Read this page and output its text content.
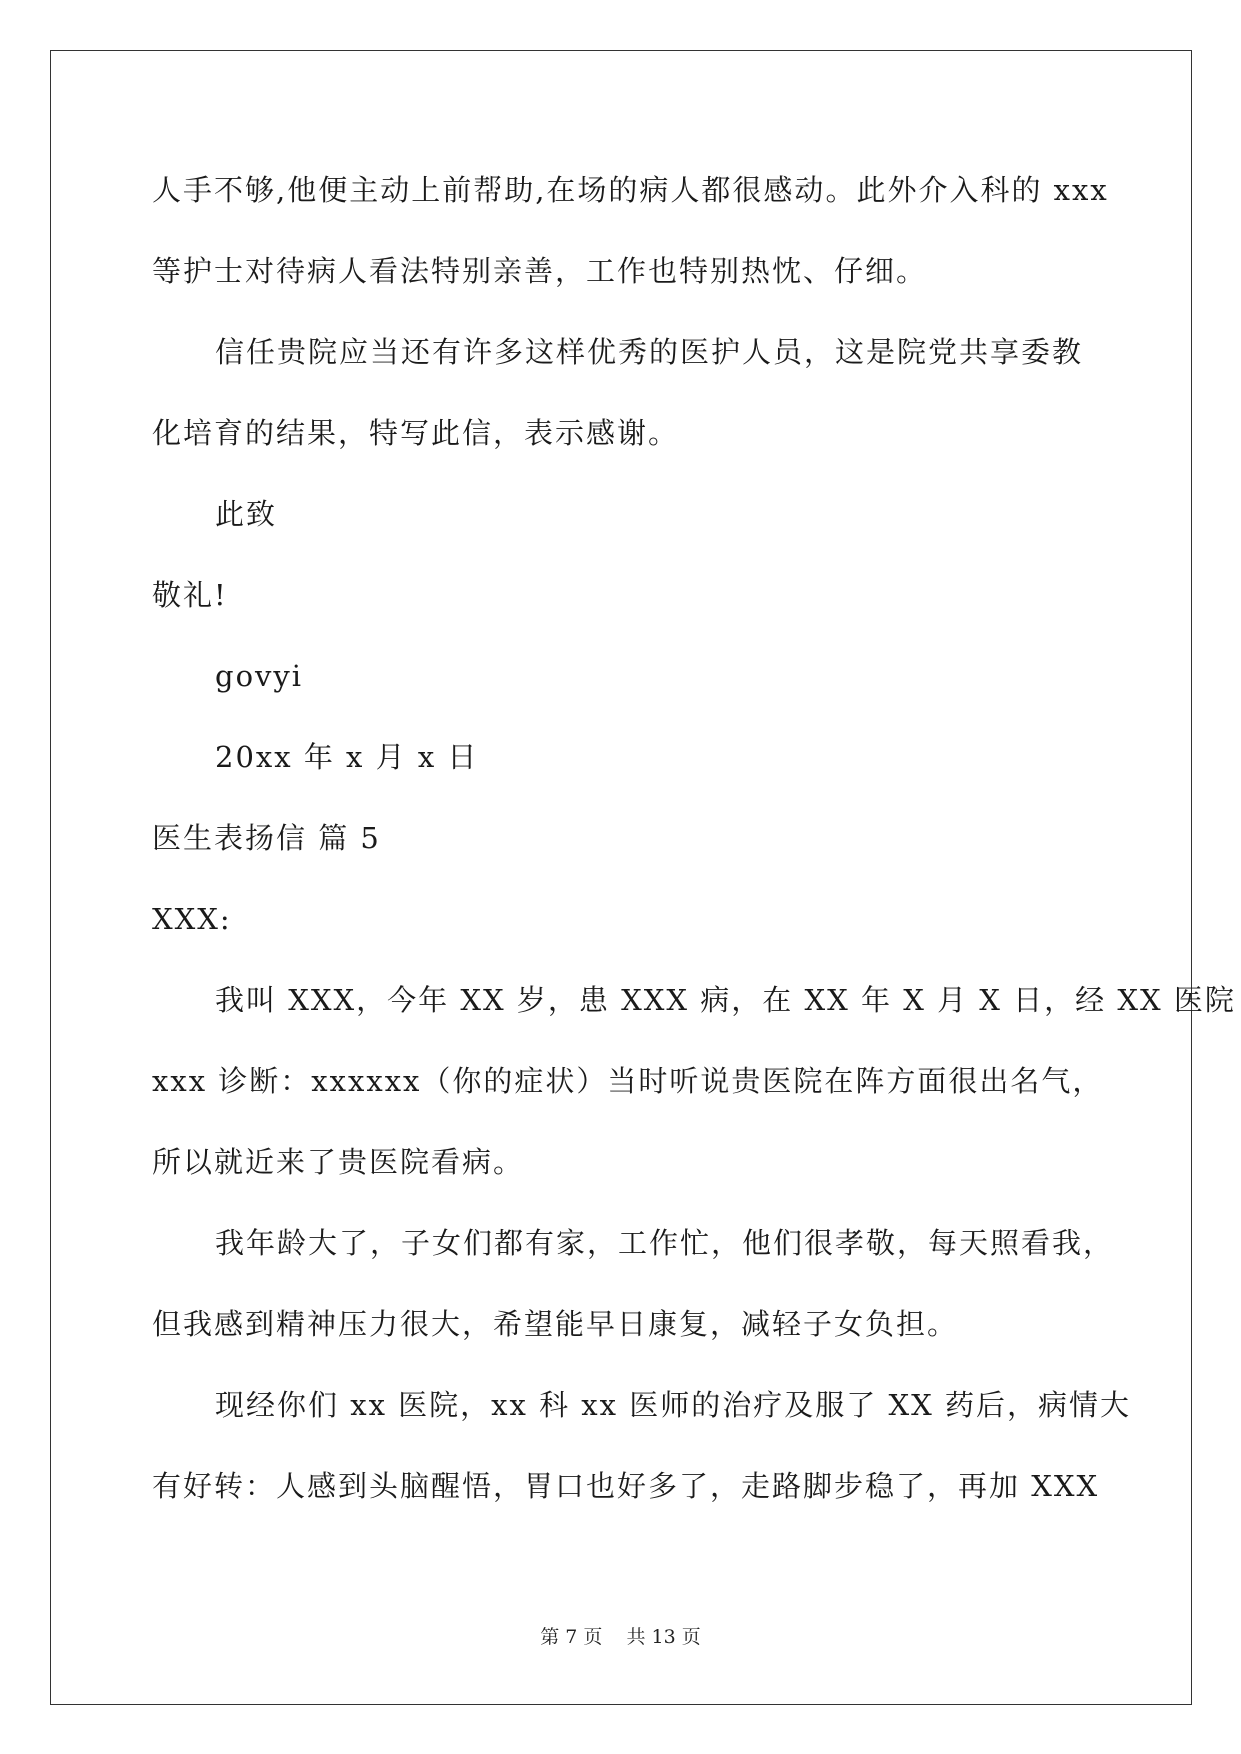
人手不够,他便主动上前帮助,在场的病人都很感动。此外介入科的 xxx

等护士对待病人看法特别亲善，工作也特别热忱、仔细。

信任贵院应当还有许多这样优秀的医护人员，这是院党共享委教

化培育的结果，特写此信，表示感谢。

此致

敬礼!

govyi

20xx 年 x 月 x 日

医生表扬信 篇 5

XXX:

我叫 XXX，今年 XX 岁，患 XXX 病，在 XX 年 X 月 X 日，经 XX 医院

xxx 诊断：xxxxxx（你的症状）当时听说贵医院在阵方面很出名气，

所以就近来了贵医院看病。

我年龄大了，子女们都有家，工作忙，他们很孝敬，每天照看我，

但我感到精神压力很大，希望能早日康复，减轻子女负担。

现经你们 xx 医院，xx 科 xx 医师的治疗及服了 XX 药后，病情大

有好转：人感到头脑醒悟，胃口也好多了，走路脚步稳了，再加 XXX

第 7 页 共 13 页
